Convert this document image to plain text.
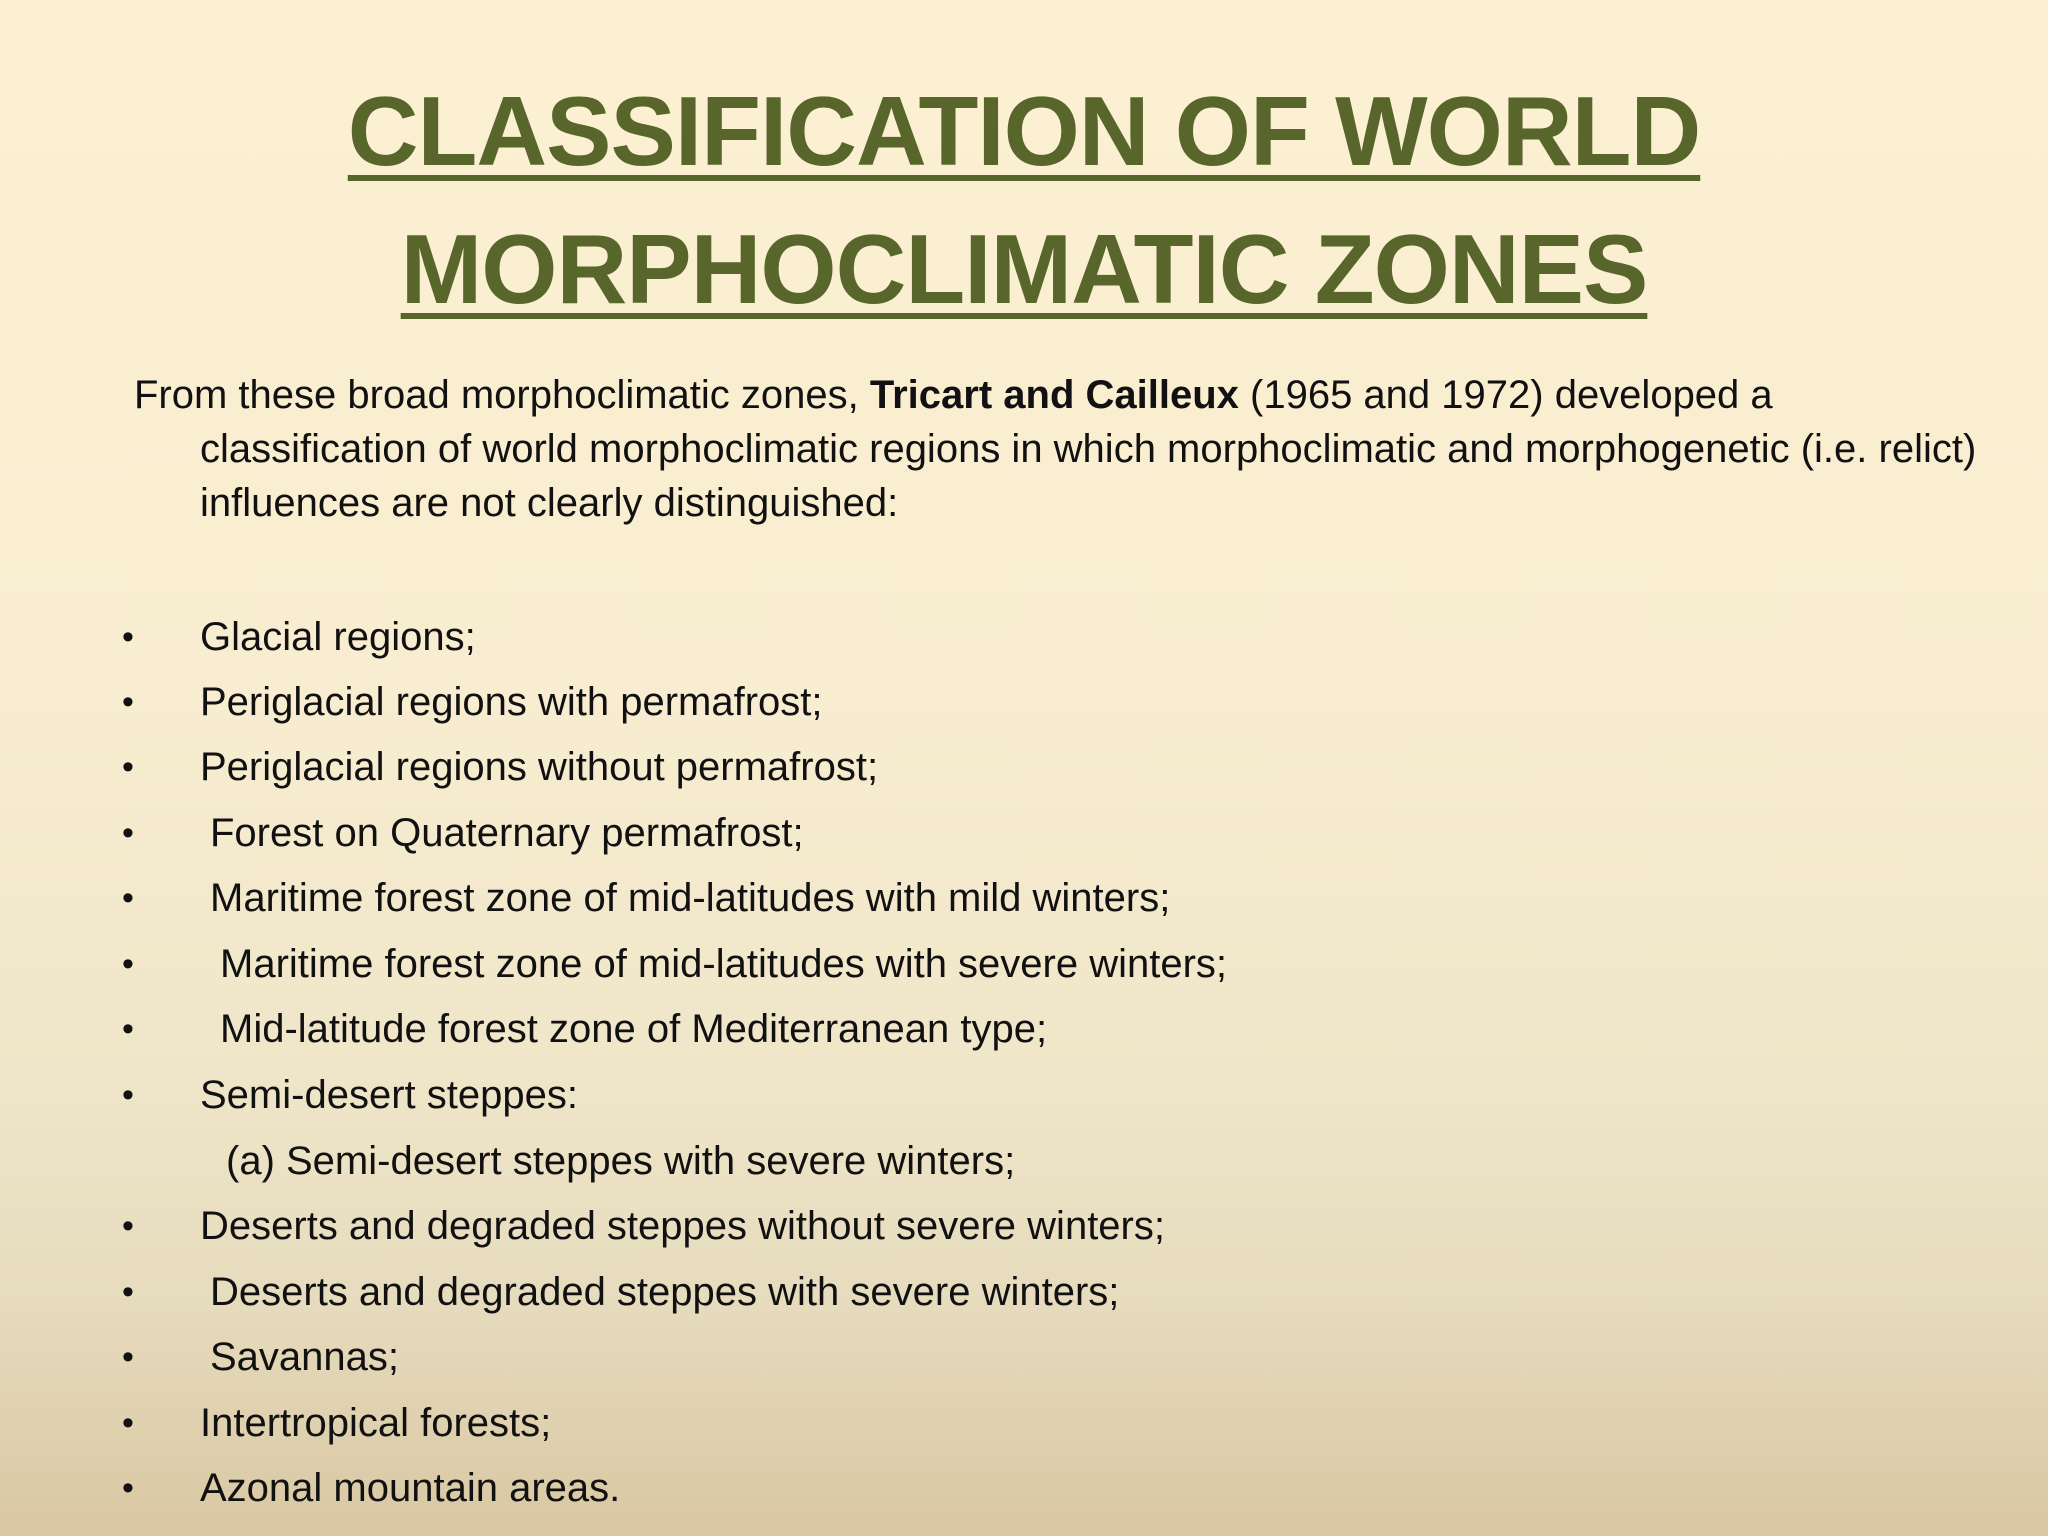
CLASSIFICATION OF WORLD
MORPHOCLIMATIC ZONES

From these broad morphoclimatic zones, Tricart and Cailleux (1965 and 1972) developed a classification of world morphoclimatic regions in which morphoclimatic and morphogenetic (i.e. relict) influences are not clearly distinguished:

• Glacial regions;
• Periglacial regions with permafrost;
• Periglacial regions without permafrost;
• Forest on Quaternary permafrost;
• Maritime forest zone of mid-latitudes with mild winters;
• Maritime forest zone of mid-latitudes with severe winters;
• Mid-latitude forest zone of Mediterranean type;
• Semi-desert steppes:
(a) Semi-desert steppes with severe winters;
• Deserts and degraded steppes without severe winters;
• Deserts and degraded steppes with severe winters;
• Savannas;
• Intertropical forests;
• Azonal mountain areas.
